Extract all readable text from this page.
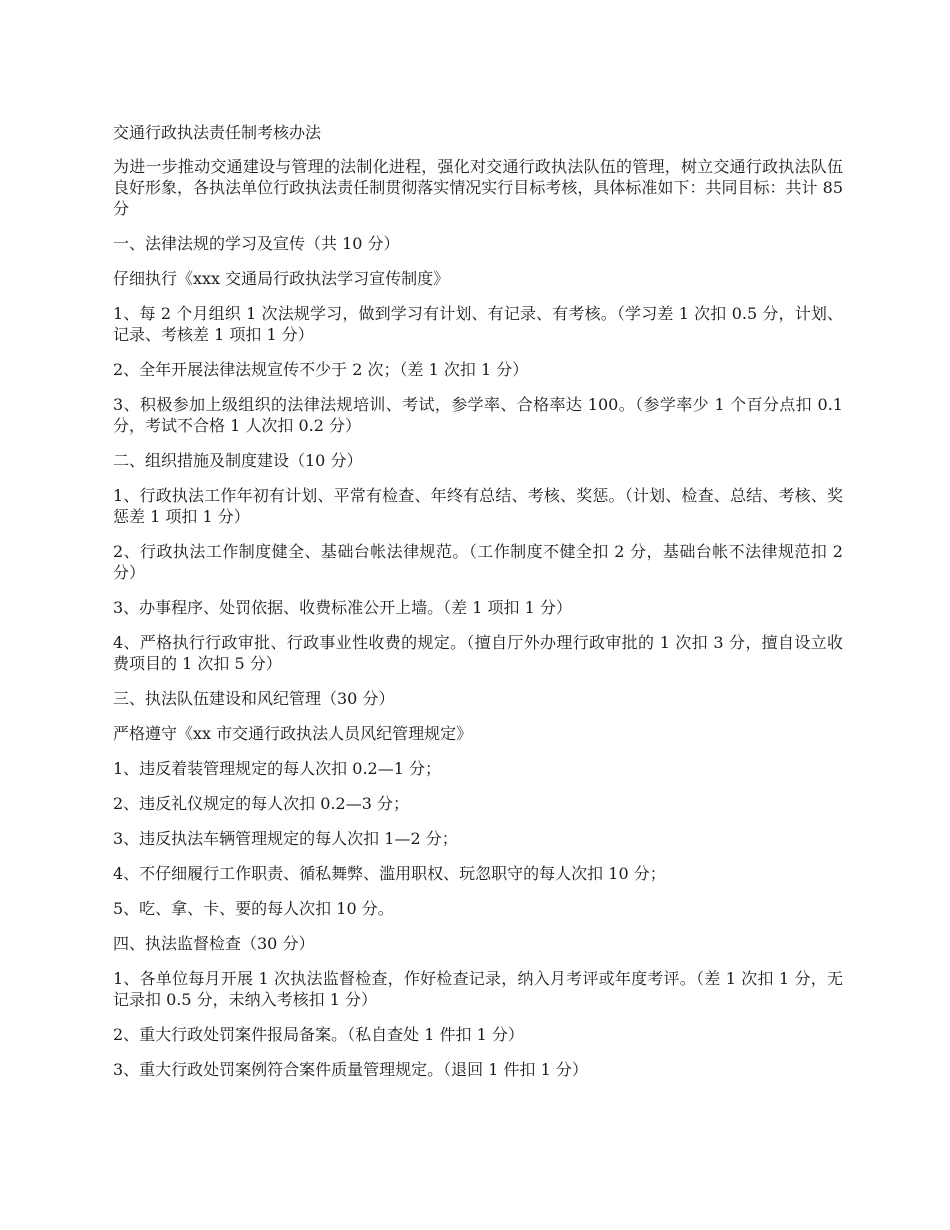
交通行政执法责任制考核办法

为进一步推动交通建设与管理的法制化进程，强化对交通行政执法队伍的管理，树立交通行政执法队伍良好形象，各执法单位行政执法责任制贯彻落实情况实行目标考核，具体标准如下：共同目标：共计 85 分

一、法律法规的学习及宣传（共 10 分）

仔细执行《xxx 交通局行政执法学习宣传制度》

1、每 2 个月组织 1 次法规学习，做到学习有计划、有记录、有考核。（学习差 1 次扣 0.5 分，计划、记录、考核差 1 项扣 1 分）

2、全年开展法律法规宣传不少于 2 次；（差 1 次扣 1 分）

3、积极参加上级组织的法律法规培训、考试，参学率、合格率达 100。（参学率少 1 个百分点扣 0.1 分，考试不合格 1 人次扣 0.2 分）

二、组织措施及制度建设（10 分）

1、行政执法工作年初有计划、平常有检查、年终有总结、考核、奖惩。（计划、检查、总结、考核、奖惩差 1 项扣 1 分）

2、行政执法工作制度健全、基础台帐法律规范。（工作制度不健全扣 2 分，基础台帐不法律规范扣 2 分）

3、办事程序、处罚依据、收费标准公开上墙。（差 1 项扣 1 分）

4、严格执行行政审批、行政事业性收费的规定。（擅自厅外办理行政审批的 1 次扣 3 分，擅自设立收费项目的 1 次扣 5 分）

三、执法队伍建设和风纪管理（30 分）

严格遵守《xx 市交通行政执法人员风纪管理规定》

1、违反着装管理规定的每人次扣 0.2—1 分；

2、违反礼仪规定的每人次扣 0.2—3 分；

3、违反执法车辆管理规定的每人次扣 1—2 分；

4、不仔细履行工作职责、循私舞弊、滥用职权、玩忽职守的每人次扣 10 分；

5、吃、拿、卡、要的每人次扣 10 分。

四、执法监督检查（30 分）

1、各单位每月开展 1 次执法监督检查，作好检查记录，纳入月考评或年度考评。（差 1 次扣 1 分，无记录扣 0.5 分，未纳入考核扣 1 分）

2、重大行政处罚案件报局备案。（私自查处 1 件扣 1 分）

3、重大行政处罚案例符合案件质量管理规定。（退回 1 件扣 1 分）
